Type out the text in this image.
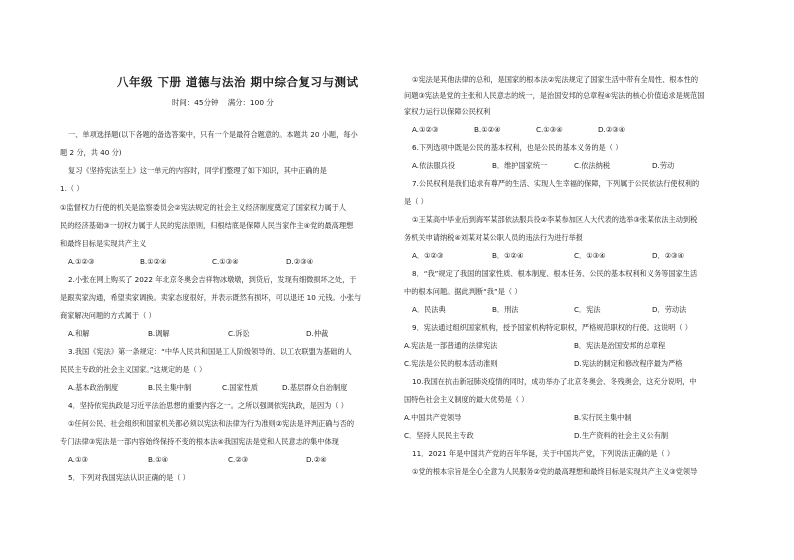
八年级 下册 道德与法治 期中综合复习与测试
时间：45分钟    满分：100 分
一、单项选择题(以下各题的备选答案中，只有一个是最符合题意的。本题共 20 小题，每小
题 2 分，共 40 分)
复习《坚持宪法至上》这一单元的内容时，同学们整理了如下知识，其中正确的是
1.（ ）
①监督权力行使的机关是监察委员会②宪法规定的社会主义经济制度奠定了国家权力属于人
民的经济基础③一切权力属于人民的宪法原则，归根结底是保障人民当家作主④党的最高理想
和最终目标是实现共产主义
A.①②③	B.①②④	C.①③④	D.②③④
2.小张在网上购买了 2022 年北京冬奥会吉祥物冰墩墩，到货后，发现有细微损坏之处，于
是跟卖家沟通，希望卖家调换。卖家态度很好，并表示既然有损坏，可以退还 10 元钱。小张与
商家解决问题的方式属于（ ）
A.和解	B.调解	C.诉讼	D.仲裁
3.我国《宪法》第一条规定：“中华人民共和国是工人阶级领导的、以工农联盟为基础的人
民民主专政的社会主义国家。”这规定的是（ ）
A.基本政治制度	B.民主集中制	C.国家性质	D.基层群众自治制度
4．坚持依宪执政是习近平法治思想的重要内容之一。之所以强调依宪执政，是因为（ ）
①任何公民、社会组织和国家机关都必须以宪法和法律为行为准则②宪法是评判正确与否的
专门法律③宪法是一部内容始终保持不变的根本法④我国宪法是党和人民意志的集中体现
A.①③	B.①④	C.②③	D.②④
5．下列对我国宪法认识正确的是（ ）
①宪法是其他法律的总和，是国家的根本法②宪法规定了国家生活中带有全局性、根本性的
问题③宪法是党的主张和人民意志的统一，是治国安邦的总章程④宪法的核心价值追求是规范国
家权力运行以保障公民权利
A.①②③	B.①②④	C.①③④	D.②③④
6.下列选项中既是公民的基本权利，也是公民的基本义务的是（ ）
A.依法服兵役	B．维护国家统一	C.依法纳税	D.劳动
7.公民权利是我们追求有尊严的生活、实现人生幸福的保障，下列属于公民依法行使权利的
是（ ）
①王某高中毕业后到海军某部依法服兵役②李某参加区人大代表的选举③张某依法主动到税
务机关申请纳税④刘某对某公职人员的违法行为进行举报
A．①②③	B．①②④	C．①③④	D．②③④
8．“我”规定了我国的国家性质、根本制度、根本任务、公民的基本权利和义务等国家生活
中的根本问题。据此判断“我”是（ ）
A．民法典	B．刑法	C．宪法	D．劳动法
9．宪法通过组织国家机构，授予国家机构特定职权，严格规范职权的行使。这说明（ ）
A.宪法是一部普通的法律宪法	B．宪法是治国安邦的总章程
C.宪法是公民的根本活动准则	D.宪法的制定和修改程序最为严格
10.我国在抗击新冠肺炎疫情的同时，成功举办了北京冬奥会、冬残奥会，这充分说明，中
国特色社会主义制度的最大优势是（ ）
A.中国共产党领导	B.实行民主集中制
C．坚持人民民主专政	D.生产资料的社会主义公有制
11．2021 年是中国共产党的百年华诞，关于中国共产党，下列说法正确的是（ ）
①党的根本宗旨是全心全意为人民服务②党的最高理想和最终目标是实现共产主义③党领导
